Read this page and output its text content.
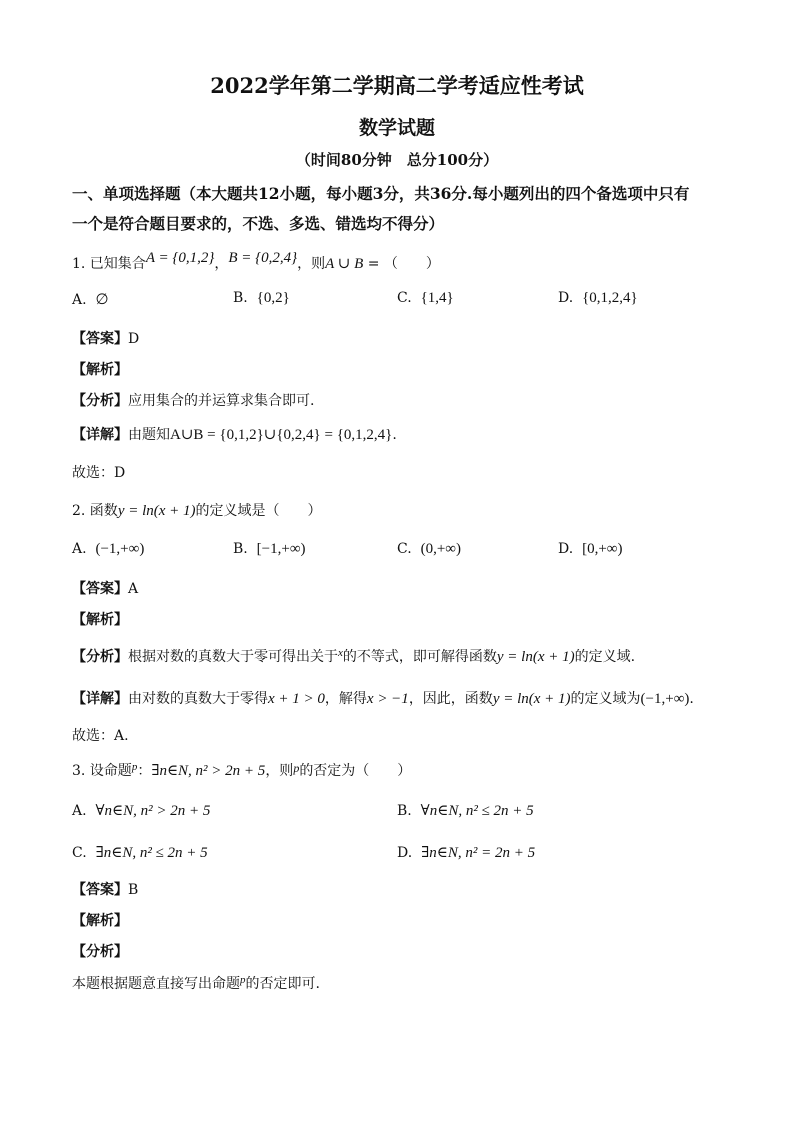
2022学年第二学期高二学考适应性考试
数学试题
（时间80分钟　总分100分）
一、单项选择题（本大题共12小题，每小题3分，共36分.每小题列出的四个备选项中只有
一个是符合题目要求的，不选、多选、错选均不得分）
1. 已知集合A = {0,1,2}，B = {0,2,4}，则A ∪ B = （　　）
A. ∅	B. {0,2}	C. {1,4}	D. {0,1,2,4}
【答案】D
【解析】
【分析】应用集合的并运算求集合即可.
【详解】由题知A∪B = {0,1,2}∪{0,2,4} = {0,1,2,4}.
故选：D
2. 函数y = ln(x + 1)的定义域是（　　）
A. (−1,+∞)	B. [−1,+∞)	C. (0,+∞)	D. [0,+∞)
【答案】A
【解析】
【分析】根据对数的真数大于零可得出关于$^x$的不等式，即可解得函数y = ln(x + 1)的定义域.
【详解】由对数的真数大于零得x + 1 > 0，解得x > −1，因此，函数y = ln(x + 1)的定义域为(−1,+∞).
故选：A.
3. 设命题$^p$：∃n∈N, n² > 2n + 5，则p的否定为（　　）
A. ∀n∈N, n² > 2n + 5	B. ∀n∈N, n² ≤ 2n + 5
C. ∃n∈N, n² ≤ 2n + 5	D. ∃n∈N, n² = 2n + 5
【答案】B
【解析】
【分析】
本题根据题意直接写出命题$^p$的否定即可.
